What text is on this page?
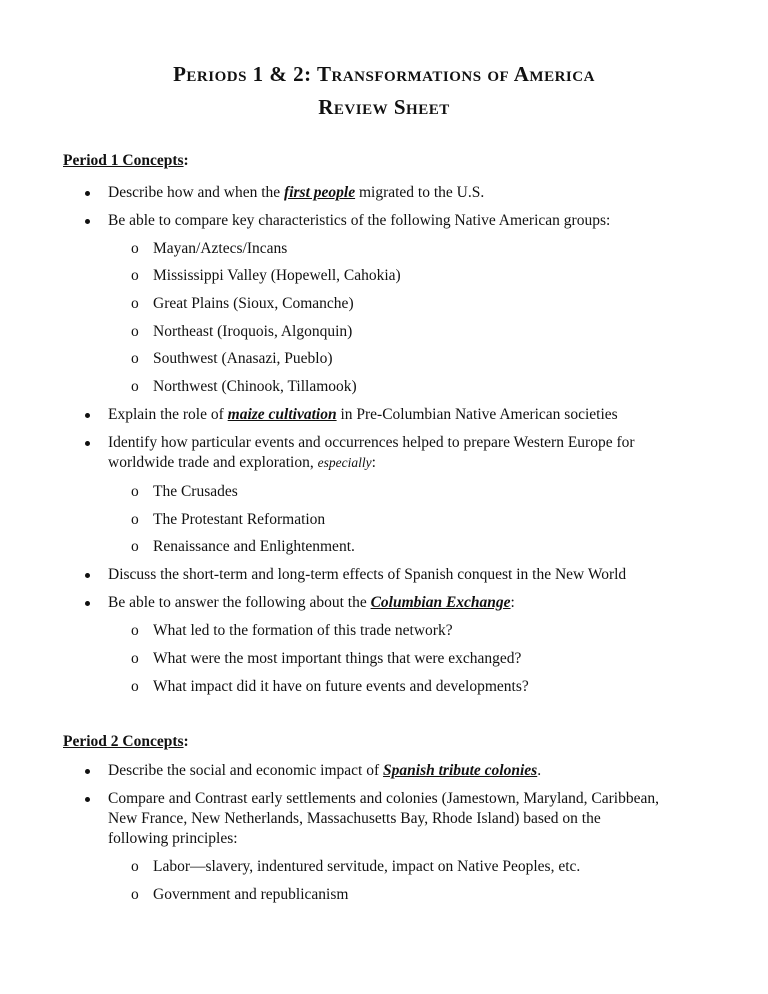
Periods 1 & 2: Transformations of America
Review Sheet
Period 1 Concepts:
Describe how and when the first people migrated to the U.S.
Be able to compare key characteristics of the following Native American groups:
o Mayan/Aztecs/Incans
o Mississippi Valley (Hopewell, Cahokia)
o Great Plains (Sioux, Comanche)
o Northeast (Iroquois, Algonquin)
o Southwest (Anasazi, Pueblo)
o Northwest (Chinook, Tillamook)
Explain the role of maize cultivation in Pre-Columbian Native American societies
Identify how particular events and occurrences helped to prepare Western Europe for
worldwide trade and exploration, especially:
o The Crusades
o The Protestant Reformation
o Renaissance and Enlightenment.
Discuss the short-term and long-term effects of Spanish conquest in the New World
Be able to answer the following about the Columbian Exchange:
o What led to the formation of this trade network?
o What were the most important things that were exchanged?
o What impact did it have on future events and developments?
Period 2 Concepts:
Describe the social and economic impact of Spanish tribute colonies.
Compare and Contrast early settlements and colonies (Jamestown, Maryland, Caribbean,
New France, New Netherlands, Massachusetts Bay, Rhode Island) based on the
following principles:
o Labor—slavery, indentured servitude, impact on Native Peoples, etc.
o Government and republicanism
